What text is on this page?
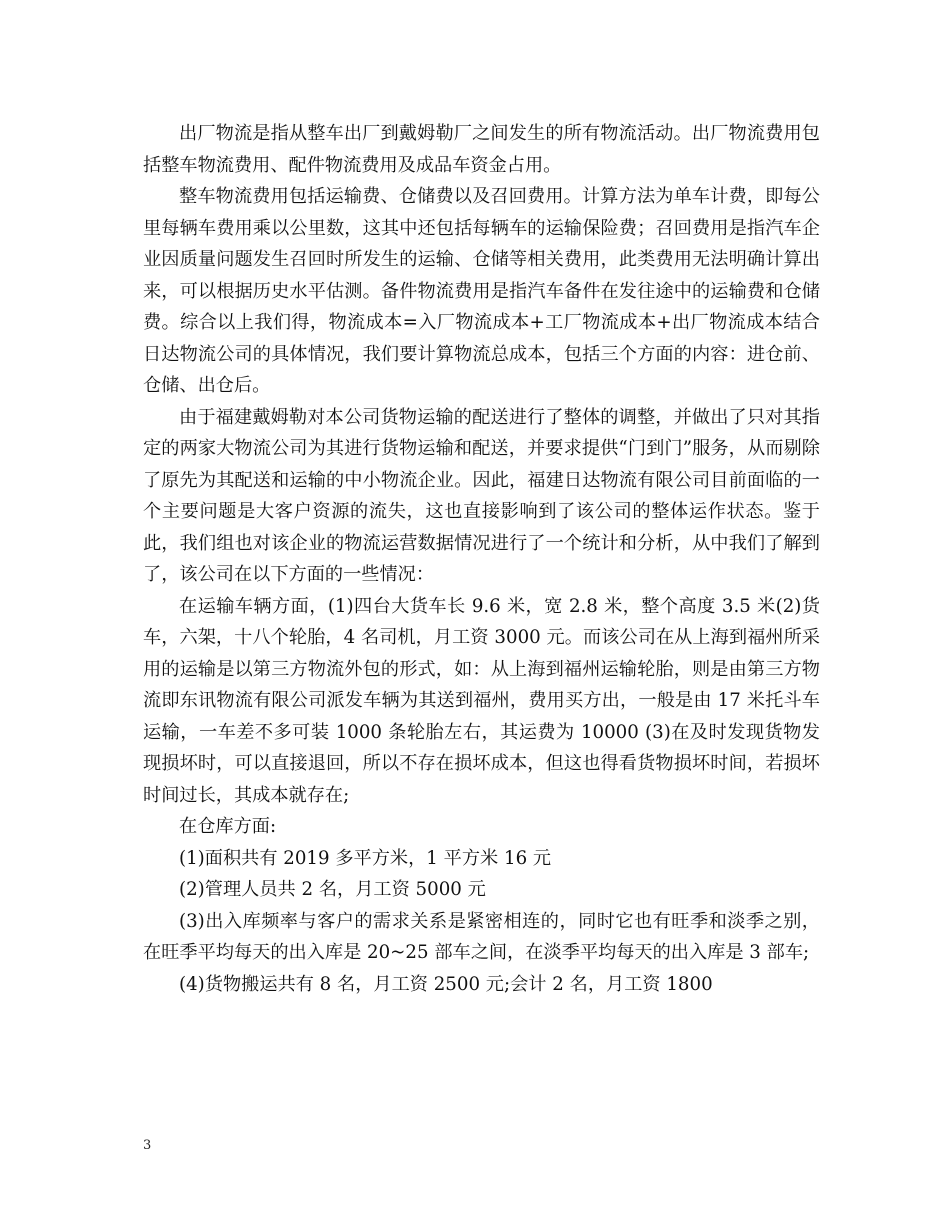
出厂物流是指从整车出厂到戴姆勒厂之间发生的所有物流活动。出厂物流费用包括整车物流费用、配件物流费用及成品车资金占用。

整车物流费用包括运输费、仓储费以及召回费用。计算方法为单车计费，即每公里每辆车费用乘以公里数，这其中还包括每辆车的运输保险费；召回费用是指汽车企业因质量问题发生召回时所发生的运输、仓储等相关费用，此类费用无法明确计算出来，可以根据历史水平估测。备件物流费用是指汽车备件在发往途中的运输费和仓储费。综合以上我们得，物流成本=入厂物流成本+工厂物流成本+出厂物流成本结合日达物流公司的具体情况，我们要计算物流总成本，包括三个方面的内容：进仓前、仓储、出仓后。

由于福建戴姆勒对本公司货物运输的配送进行了整体的调整，并做出了只对其指定的两家大物流公司为其进行货物运输和配送，并要求提供“门到门”服务，从而剔除了原先为其配送和运输的中小物流企业。因此，福建日达物流有限公司目前面临的一个主要问题是大客户资源的流失，这也直接影响到了该公司的整体运作状态。鉴于此，我们组也对该企业的物流运营数据情况进行了一个统计和分析，从中我们了解到了，该公司在以下方面的一些情况：

在运输车辆方面，(1)四台大货车长 9.6 米，宽 2.8 米，整个高度 3.5 米(2)货车，六架，十八个轮胎，4 名司机，月工资 3000 元。而该公司在从上海到福州所采用的运输是以第三方物流外包的形式，如：从上海到福州运输轮胎，则是由第三方物流即东讯物流有限公司派发车辆为其送到福州，费用买方出，一般是由 17 米托斗车运输，一车差不多可装 1000 条轮胎左右，其运费为 10000 (3)在及时发现货物发现损坏时，可以直接退回，所以不存在损坏成本，但这也得看货物损坏时间，若损坏时间过长，其成本就存在;

在仓库方面:

(1)面积共有 2019 多平方米，1 平方米 16 元

(2)管理人员共 2 名，月工资 5000 元

(3)出入库频率与客户的需求关系是紧密相连的，同时它也有旺季和淡季之别，在旺季平均每天的出入库是 20~25 部车之间，在淡季平均每天的出入库是 3 部车;

(4)货物搬运共有 8 名，月工资 2500 元;会计 2 名，月工资 1800

3
